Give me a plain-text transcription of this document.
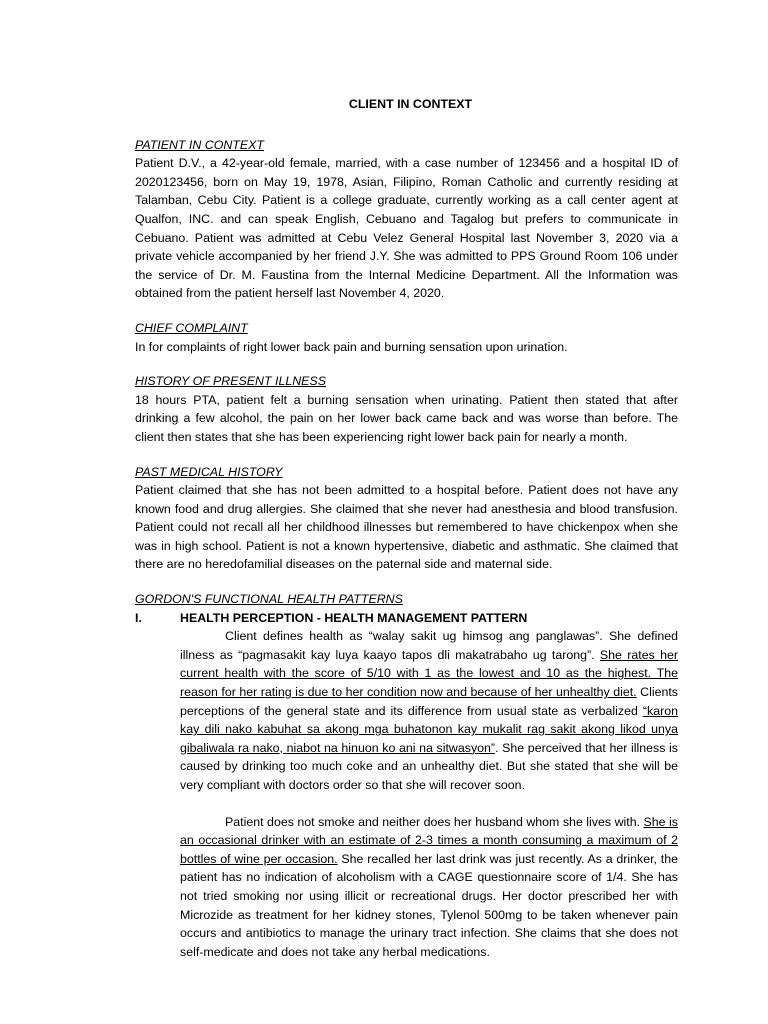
CLIENT IN CONTEXT
PATIENT IN CONTEXT

Patient D.V., a 42-year-old female, married, with a case number of 123456 and a hospital ID of 2020123456, born on May 19, 1978, Asian, Filipino, Roman Catholic and currently residing at Talamban, Cebu City. Patient is a college graduate, currently working as a call center agent at Qualfon, INC. and can speak English, Cebuano and Tagalog but prefers to communicate in Cebuano. Patient was admitted at Cebu Velez General Hospital last November 3, 2020 via a private vehicle accompanied by her friend J.Y. She was admitted to PPS Ground Room 106 under the service of Dr. M. Faustina from the Internal Medicine Department. All the Information was obtained from the patient herself last November 4, 2020.

CHIEF COMPLAINT

In for complaints of right lower back pain and burning sensation upon urination.

HISTORY OF PRESENT ILLNESS

18 hours PTA, patient felt a burning sensation when urinating. Patient then stated that after drinking a few alcohol, the pain on her lower back came back and was worse than before. The client then states that she has been experiencing right lower back pain for nearly a month.

PAST MEDICAL HISTORY

Patient claimed that she has not been admitted to a hospital before. Patient does not have any known food and drug allergies. She claimed that she never had anesthesia and blood transfusion. Patient could not recall all her childhood illnesses but remembered to have chickenpox when she was in high school. Patient is not a known hypertensive, diabetic and asthmatic. She claimed that there are no heredofamilial diseases on the paternal side and maternal side.

GORDON'S FUNCTIONAL HEALTH PATTERNS
I.	HEALTH PERCEPTION - HEALTH MANAGEMENT PATTERN

Client defines health as “walay sakit ug himsog ang panglawas”. She defined illness as “pagmasakit kay luya kaayo tapos dli makatrabaho ug tarong”. She rates her current health with the score of 5/10 with 1 as the lowest and 10 as the highest. The reason for her rating is due to her condition now and because of her unhealthy diet. Clients perceptions of the general state and its difference from usual state as verbalized “karon kay dili nako kabuhat sa akong mga buhatonon kay mukalit rag sakit akong likod unya gibaliwala ra nako, niabot na hinuon ko ani na sitwasyon”. She perceived that her illness is caused by drinking too much coke and an unhealthy diet. But she stated that she will be very compliant with doctors order so that she will recover soon.

Patient does not smoke and neither does her husband whom she lives with. She is an occasional drinker with an estimate of 2-3 times a month consuming a maximum of 2 bottles of wine per occasion. She recalled her last drink was just recently. As a drinker, the patient has no indication of alcoholism with a CAGE questionnaire score of 1/4. She has not tried smoking nor using illicit or recreational drugs. Her doctor prescribed her with Microzide as treatment for her kidney stones, Tylenol 500mg to be taken whenever pain occurs and antibiotics to manage the urinary tract infection. She claims that she does not self-medicate and does not take any herbal medications.
